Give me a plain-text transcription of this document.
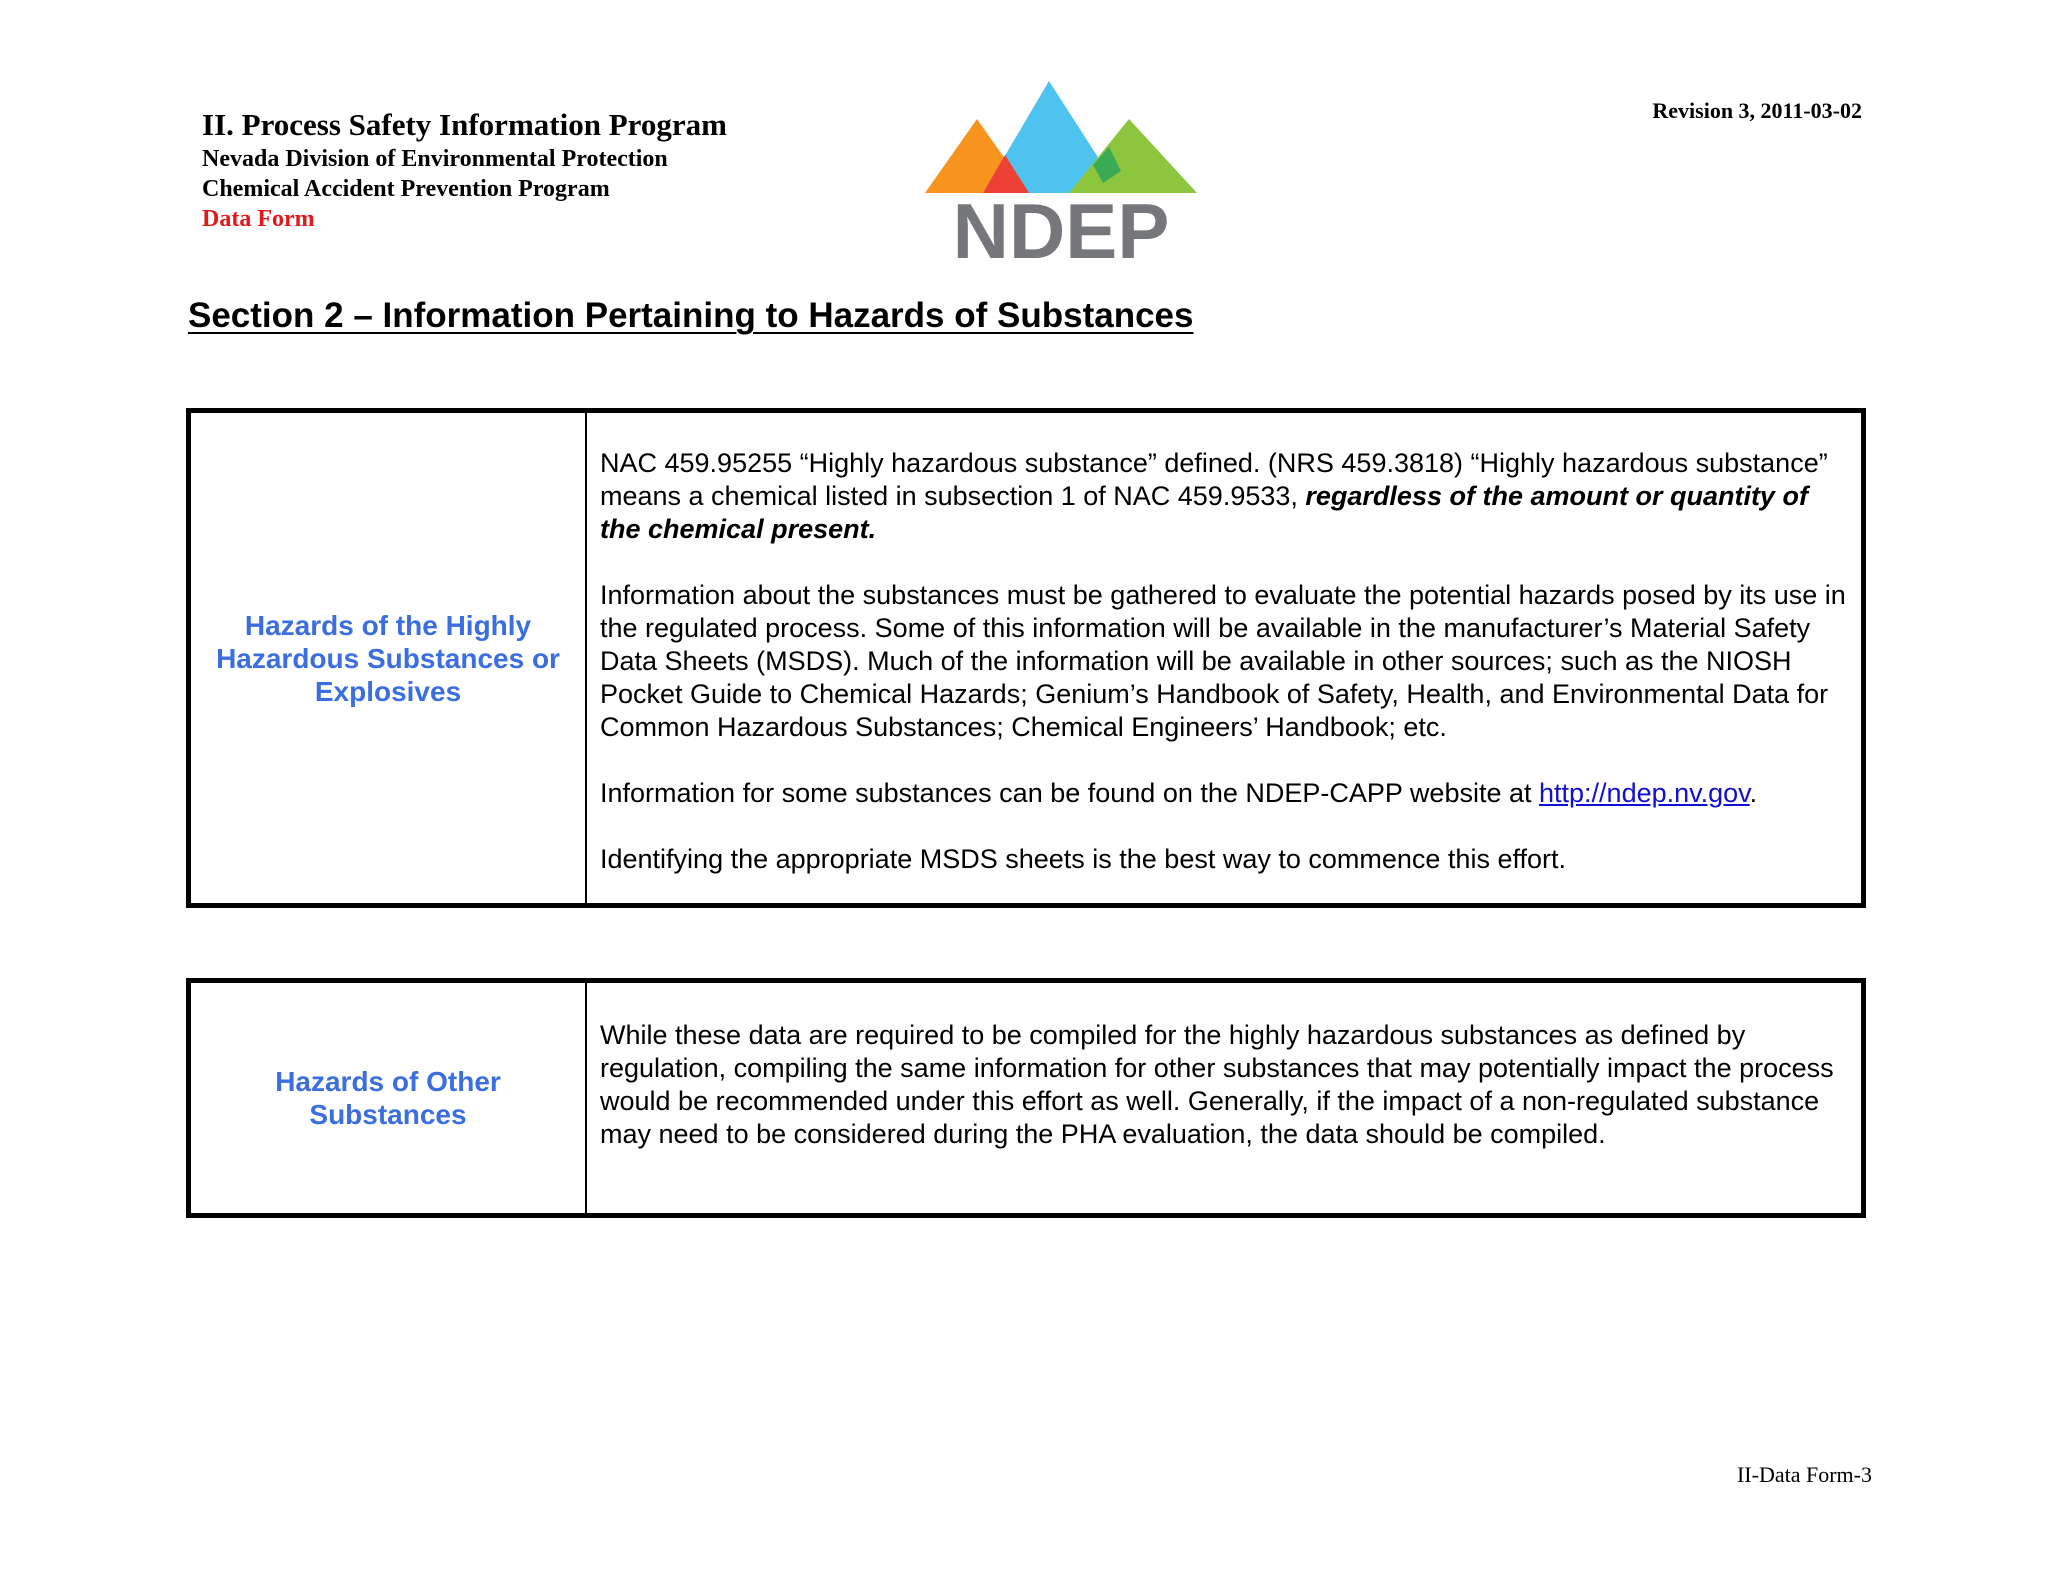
II. Process Safety Information Program
Nevada Division of Environmental Protection
Chemical Accident Prevention Program
Data Form
Revision 3, 2011-03-02
NDEP
Section 2 – Information Pertaining to Hazards of Substances
Hazards of the Highly Hazardous Substances or Explosives

NAC 459.95255 “Highly hazardous substance” defined. (NRS 459.3818) “Highly hazardous substance” means a chemical listed in subsection 1 of NAC 459.9533, regardless of the amount or quantity of the chemical present.

Information about the substances must be gathered to evaluate the potential hazards posed by its use in the regulated process. Some of this information will be available in the manufacturer’s Material Safety Data Sheets (MSDS). Much of the information will be available in other sources; such as the NIOSH Pocket Guide to Chemical Hazards; Genium’s Handbook of Safety, Health, and Environmental Data for Common Hazardous Substances; Chemical Engineers’ Handbook; etc.

Information for some substances can be found on the NDEP-CAPP website at http://ndep.nv.gov.

Identifying the appropriate MSDS sheets is the best way to commence this effort.

Hazards of Other Substances

While these data are required to be compiled for the highly hazardous substances as defined by regulation, compiling the same information for other substances that may potentially impact the process would be recommended under this effort as well. Generally, if the impact of a non-regulated substance may need to be considered during the PHA evaluation, the data should be compiled.

II-Data Form-3
